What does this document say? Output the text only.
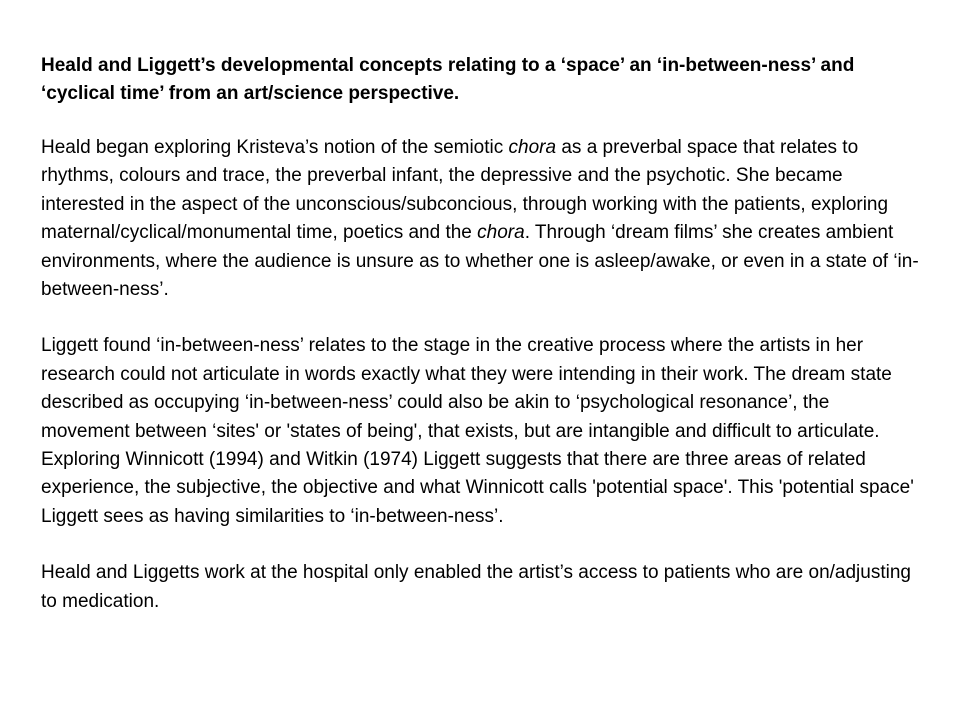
Heald and Liggett’s developmental concepts relating to a ‘space’ an ‘in-between-ness’ and ‘cyclical time’ from an art/science perspective.

Heald began exploring Kristeva’s notion of the semiotic chora as a preverbal space that relates to rhythms, colours and trace, the preverbal infant, the depressive and the psychotic. She became interested in the aspect of the unconscious/subconcious, through working with the patients, exploring maternal/cyclical/monumental time, poetics and the chora. Through ‘dream films’ she creates ambient environments, where the audience is unsure as to whether one is asleep/awake, or even in a state of ‘in-between-ness’.

Liggett found ‘in-between-ness’ relates to the stage in the creative process where the artists in her research could not articulate in words exactly what they were intending in their work. The dream state described as occupying ‘in-between-ness’ could also be akin to ‘psychological resonance’, the movement between ‘sites' or 'states of being', that exists, but are intangible and difficult to articulate. Exploring Winnicott (1994) and Witkin (1974) Liggett suggests that there are three areas of related experience, the subjective, the objective and what Winnicott calls 'potential space'. This 'potential space' Liggett sees as having similarities to ‘in-between-ness’.

Heald and Liggetts work at the hospital only enabled the artist’s access to patients who are on/adjusting to medication.
